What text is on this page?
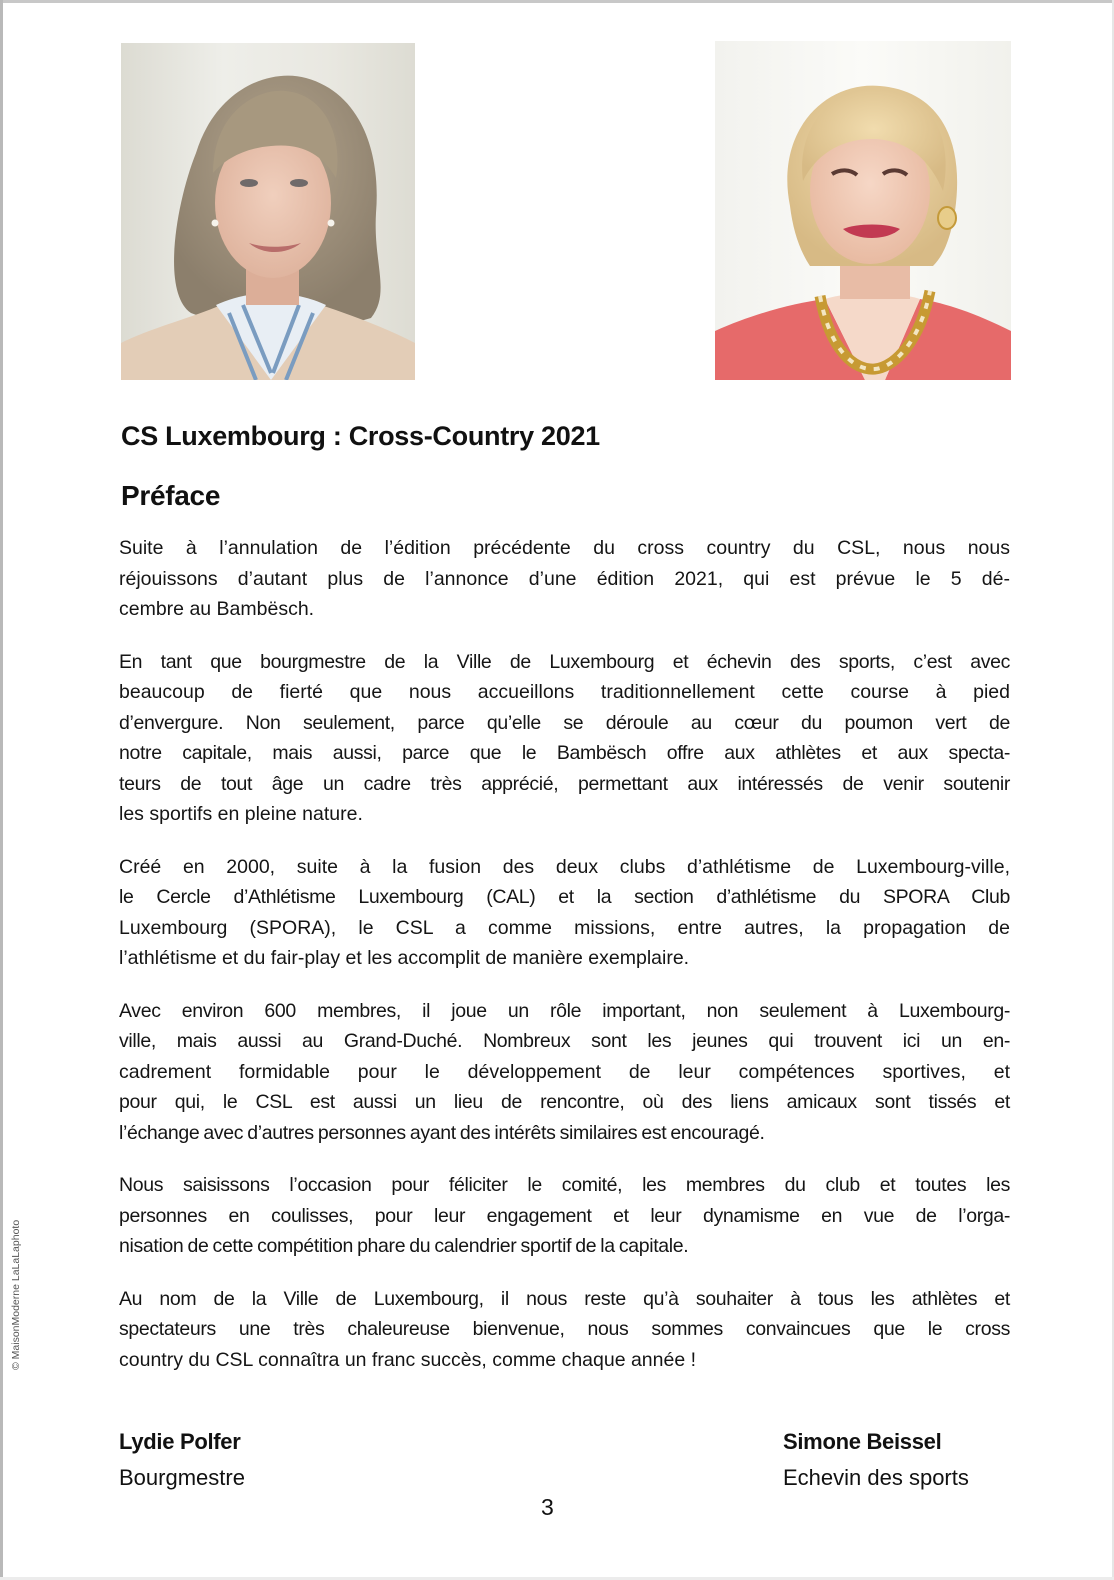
© MaisonModerne LaLaLaphoto
CS Luxembourg : Cross-Country 2021
Préface
Suite à l’annulation de l’édition précédente du cross country du CSL, nous nous
réjouissons d’autant plus de l’annonce d’une édition 2021, qui est prévue le 5 dé-
cembre au Bambësch.
En tant que bourgmestre de la Ville de Luxembourg et échevin des sports, c’est avec
beaucoup de fierté que nous accueillons traditionnellement cette course à pied
d’envergure. Non seulement, parce qu’elle se déroule au cœur du poumon vert de
notre capitale, mais aussi, parce que le Bambësch offre aux athlètes et aux specta-
teurs de tout âge un cadre très apprécié, permettant aux intéressés de venir soutenir
les sportifs en pleine nature.
Créé en 2000, suite à la fusion des deux clubs d’athlétisme de Luxembourg-ville,
le Cercle d’Athlétisme Luxembourg (CAL) et la section d’athlétisme du SPORA Club
Luxembourg (SPORA), le CSL a comme missions, entre autres, la propagation de
l’athlétisme et du fair-play et les accomplit de manière exemplaire.
Avec environ 600 membres, il joue un rôle important, non seulement à Luxembourg-
ville, mais aussi au Grand-Duché. Nombreux sont les jeunes qui trouvent ici un en-
cadrement formidable pour le développement de leur compétences sportives, et
pour qui, le CSL est aussi un lieu de rencontre, où des liens amicaux sont tissés et
l’échange avec d’autres personnes ayant des intérêts similaires est encouragé.
Nous saisissons l’occasion pour féliciter le comité, les membres du club et toutes les
personnes en coulisses, pour leur engagement et leur dynamisme en vue de l’orga-
nisation de cette compétition phare du calendrier sportif de la capitale.
Au nom de la Ville de Luxembourg, il nous reste qu’à souhaiter à tous les athlètes et
spectateurs une très chaleureuse bienvenue, nous sommes convaincues que le cross
country du CSL connaîtra un franc succès, comme chaque année !
Lydie Polfer
Bourgmestre
Simone Beissel
Echevin des sports
3
